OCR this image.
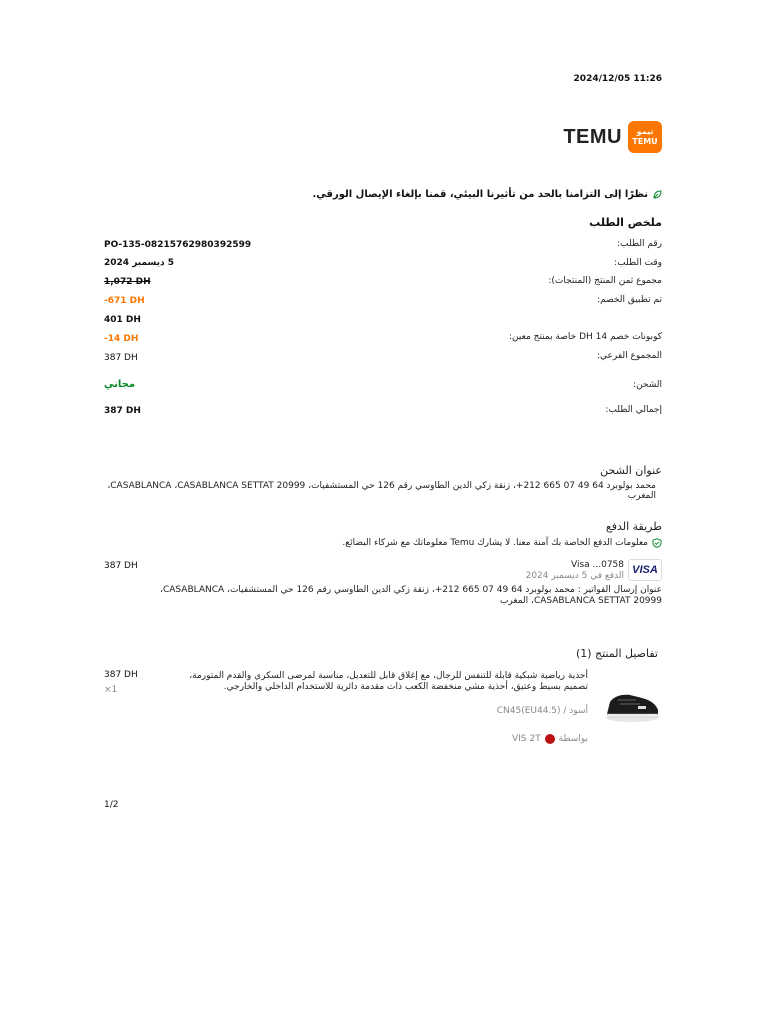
2024/12/05 11:26
TEMU تيمو
TEMU
نظرًا إلى التزامنا بالحد من تأثيرنا البيئي، قمنا بإلغاء الإيصال الورقي.
ملخص الطلب
رقم الطلب:
PO-135-08215762980392599
وقت الطلب:
5 ديسمبر 2024
مجموع ثمن المنتج (المنتجات):
1,072 DH
تم تطبيق الخصم:
-671 DH
401 DH
كوبونات خصم DH 14 خاصة بمنتج معين:
-14 DH
المجموع الفرعي:
387 DH
الشحن:
مجاني
إجمالي الطلب:
387 DH
عنوان الشحن
محمد بولوبرد 64 49 07 665 212+، زنقة زكي الدين الطاوسي رقم 126 حي المستشفيات، CASABLANCA ،CASABLANCA SETTAT 20999، المغرب
طريقة الدفع
معلومات الدفع الخاصة بك آمنة معنا. لا يشارك Temu معلوماتك مع شركاء البضائع.
VISA
Visa ...0758
الدفع في 5 ديسمبر 2024
387 DH
عنوان إرسال الفواتير : محمد بولوبرد 64 49 07 665 212+، زنقة زكي الدين الطاوسي رقم 126 حي المستشفيات، CASABLANCA،
CASABLANCA SETTAT 20999، المغرب
تفاصيل المنتج (1)
أحذية رياضية شبكية قابلة للتنفس للرجال، مع إغلاق قابل للتعديل، مناسبة لمرضى السكري والقدم المتورمة، تصميم بسيط وعتيق، أحذية مشي منخفضة الكعب ذات مقدمة دائرية للاستخدام الداخلي والخارجي.
أسود / CN45(EU44.5)
بواسطة
VIS 2T
387 DH
×1
1/2
